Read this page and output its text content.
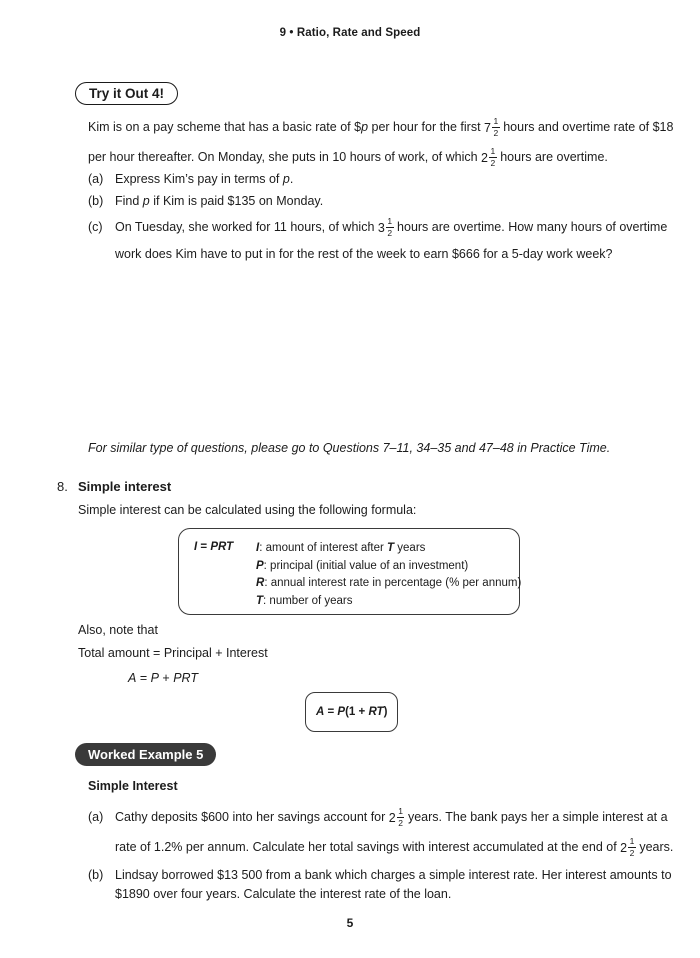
9 • Ratio, Rate and Speed
Try it Out 4!
Kim is on a pay scheme that has a basic rate of $p per hour for the first $7 \frac{1}{2}$ hours and overtime rate of $18
per hour thereafter. On Monday, she puts in 10 hours of work, of which $2 \frac{1}{2}$ hours are overtime.
(a) Express Kim’s pay in terms of p.
(b) Find p if Kim is paid $135 on Monday.
(c) On Tuesday, she worked for 11 hours, of which $3 \frac{1}{2}$ hours are overtime. How many hours of overtime
work does Kim have to put in for the rest of the week to earn $666 for a 5-day work week?
For similar type of questions, please go to Questions 7–11, 34–35 and 47–48 in Practice Time.
8. Simple interest
Simple interest can be calculated using the following formula:
I = PRT I: amount of interest after T years
P: principal (initial value of an investment)
R: annual interest rate in percentage (% per annum)
T: number of years
Also, note that
Total amount = Principal + Interest
A = P + PRT
A = P(1 + RT)
Worked Example 5
Simple Interest
(a) Cathy deposits $600 into her savings account for $2 \frac{1}{2}$ years. The bank pays her a simple interest at a
rate of 1.2% per annum. Calculate her total savings with interest accumulated at the end of $2 \frac{1}{2}$ years.
(b) Lindsay borrowed $13 500 from a bank which charges a simple interest rate. Her interest amounts to
$1890 over four years. Calculate the interest rate of the loan.
5
